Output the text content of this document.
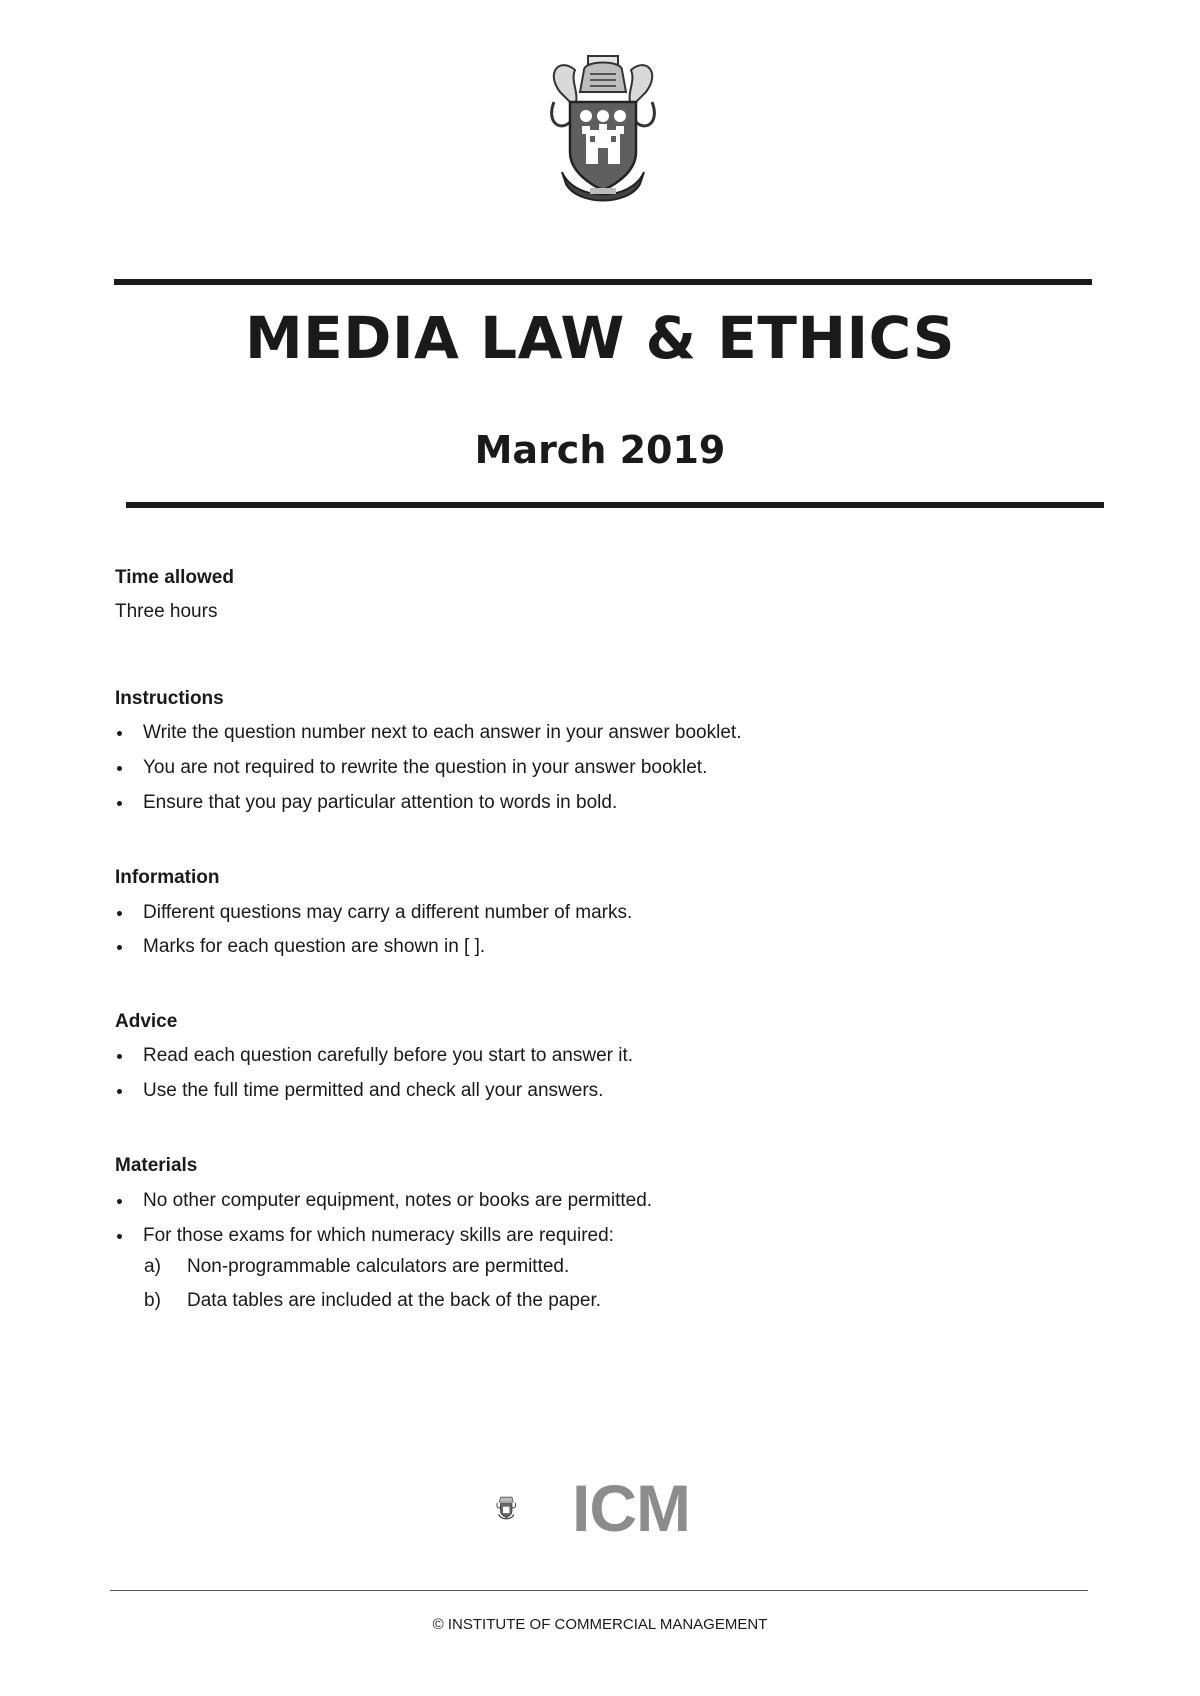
MEDIA LAW & ETHICS
March 2019
Time allowed
Three hours
Instructions
Write the question number next to each answer in your answer booklet.
You are not required to rewrite the question in your answer booklet.
Ensure that you pay particular attention to words in bold.
Information
Different questions may carry a different number of marks.
Marks for each question are shown in [ ].
Advice
Read each question carefully before you start to answer it.
Use the full time permitted and check all your answers.
Materials
No other computer equipment, notes or books are permitted.
For those exams for which numeracy skills are required:
a) Non-programmable calculators are permitted.
b) Data tables are included at the back of the paper.
ICM
© INSTITUTE OF COMMERCIAL MANAGEMENT
